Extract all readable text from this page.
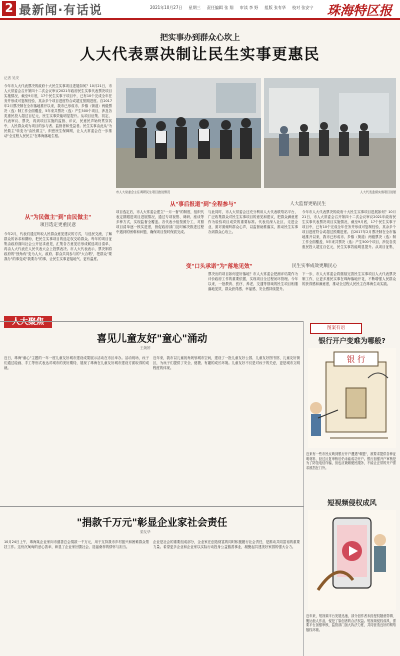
2 最新闻·有话说	2021年10月27日 星期三 责任编辑 张 翔 审读 李 野 组版 张有华 校对 张安宁	珠海特区报
把实事办到群众心坎上
人大代表票决制让民生实事更惠民
记者 吴安
今年市人大代表票决的政府十大民生实事项目进展如何？10月21日，市人大常委会召开第四十二次会议审议2021年政府民生实事代表票决项目实施情况，截至9月底，17个民生实事子项目中，已有10个完成全年任务并形成可复制经验，其余多个项目进度符合或超过预期进度。自2017年2月票决制在全市落地推开以来，我市已形成市、乡镇（街道）两级票决（选）制工作全面覆盖，5年来共票决（选）产生500个项目，涉及各类惠民投入超过百亿元，民生实事效能明显提升。从项目征集、初定、代表审议、票决，再到项目实施的监督、评议，民意民声始终贯穿其中，人民群众成为项目的参与者、监督者和受益者。民生实事由此从"为民做主"转变为"由民做主"，织密民生保障网，让人大常委会在一步推动"全过程人民民主"在珠海落地生根。
市人大常委会主任调研民生项目推进情况	人大代表监督实施项目进展
从"为民做主"到"由民做主"
项目选定更重民意
今年2月，代表们通过听取人民群众意见建议的方式，与选民交流，了解群众的诉求和期盼，把民生实事项目的选定权交给群众。每年的项目征集由政府面向社会公开征求意见，汇集各方意见后形成候选项目清单，再由人大代表在人民代表大会上投票表决。市人大代表表示，票决制将政府的"独角戏"变为人大、政府、群众共同参与的"大合唱"，把群众"要我办"的事变成"我要办"的事，让民生实事更接地气、更有温度。
从"事后报道"到"全程参与"	人大监督更贴民生
项目选定后，市人大常委会建立"一月一督"的制度，组织代表定期跟进项目进展情况，通过专项视察、调研、座谈等多种方式，实现监督全覆盖。各代表小组按照分工，对照项目清单逐一核实进度，督促政府部门及时解决推进过程中遇到的困难和问题，确保项目按时保质完成。
与此同时，市人大常委会还充分利用人大代表联络站平台，广泛收集群众对民生实事项目的意见和建议，把群众满意度作为检验项目成效的重要标准。代表们深入社区、走进企业，面对面倾听群众心声，以监督助推落实，推动民生实事办到群众心坎上。
今年市人大代表票决的政府十大民生实事项目进展如何？10月21日，市人大常委会召开第四十二次会议审议2021年政府民生实事代表票决项目实施情况，截至9月底，17个民生实事子项目中，已有10个完成全年任务并形成可复制经验，其余多个项目进度符合或超过预期进度。自2017年2月票决制在全市落地推开以来，我市已形成市、乡镇（街道）两级票决（选）制工作全面覆盖，5年来共票决（选）产生500个项目，涉及各类惠民投入超过百亿元，民生实事效能明显提升。从项目征集、
变"口头承诺"为"落地见效"	民生实事成效更顺民心
票决出的项目如何更好落地？市人大常委会把测评结果作为评价政府工作的重要依据，实现项目全过程闭环管理。今年以来，一批教育、医疗、养老、交通等领域的民生项目相继落地见效，群众获得感、幸福感、安全感持续提升。
下一步，市人大常委会将继续完善民生实事项目人大代表票决制工作，让更多惠民实事在珠海落地开花，不断增强人民群众的获得感和满意度，推动全过程人民民主在珠海生动实践。
喜见儿童友好"童心"涌动
王婉婷
近日，珠海"童心"主题的一年一度儿童友好城市建设成果展示活动在市区举办。活动现场，孩子们通过绘画、手工等形式表达对城市的美好期待，展现了珠海在儿童友好城市建设方面取得的成就。
近年来，我市以儿童视角规划城市空间，建设了一批儿童友好公园、儿童友好图书馆、儿童友好街区，为孩子们提供了安全、便捷、有趣的成长环境。儿童友好不仅是对孩子的关爱，更是城市文明程度的体现。
"捐款千万元"彰显企业家社会责任
梁友华
10月24日上午，珠海某企业家向市慈善总会捐款一千万元，用于支持我市乡村振兴和困难群众帮扶工作。这份沉甸甸的爱心善举，彰显了企业家回馈社会、造福桑梓的情怀与担当。
企业是社会的重要组成部分，企业家在创造财富的同时积极履行社会责任，是推动共同富裕的重要力量。希望更多企业和企业家以实际行动投身公益慈善事业，凝聚起共建美好家园的强大合力。
图案有语
银行开户变难为哪般?
银 行
近来有一些市民反映到银行开户遭遇"难题"，被要求提供各种证明材料，经过反复审核后仍未能成功开户。银行加强开户审核是为了防范电信诈骗，但也应兼顾便民服务，不能让正常的开户需求被挡在门外。
短视频侵权成风
近年来，短视频平台发展迅速，部分创作者未经授权随意剪辑、搬运他人作品，侵犯了原创者的合法权益。短视频侵权成风，需要平台加强审核，监管部门加大执法力度，共同营造良好的网络版权环境。
